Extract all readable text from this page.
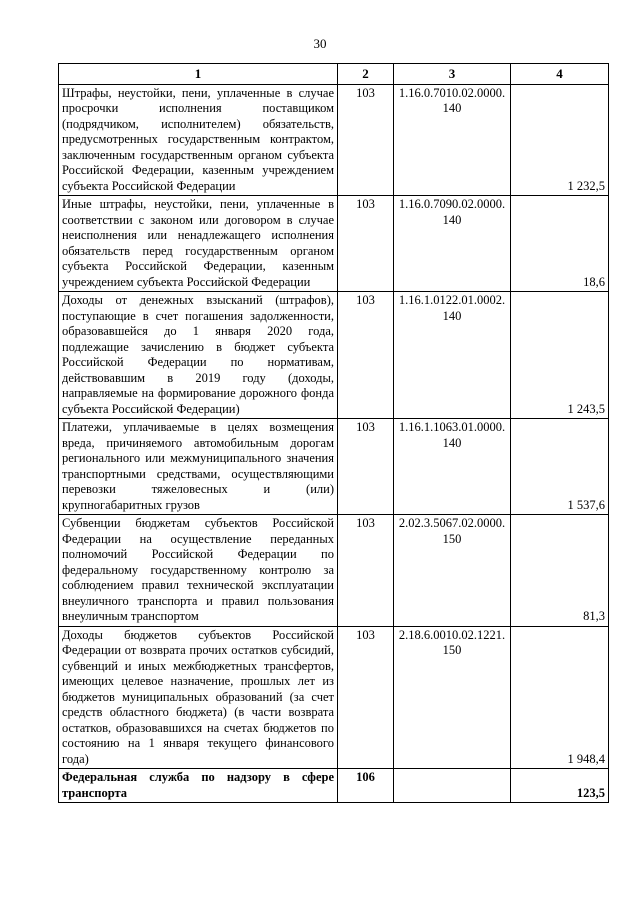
30
1	2	3	4
Штрафы, неустойки, пени, уплаченные в случае просрочки исполнения поставщиком (подрядчиком, исполнителем) обязательств, предусмотренных государственным контрактом, заключенным государственным органом субъекта Российской Федерации, казенным учреждением субъекта Российской Федерации	103	1.16.0.7010.02.0000. 140	1 232,5
Иные штрафы, неустойки, пени, уплаченные в соответствии с законом или договором в случае неисполнения или ненадлежащего исполнения обязательств перед государственным органом субъекта Российской Федерации, казенным учреждением субъекта Российской Федерации	103	1.16.0.7090.02.0000. 140	18,6
Доходы от денежных взысканий (штрафов), поступающие в счет погашения задолженности, образовавшейся до 1 января 2020 года, подлежащие зачислению в бюджет субъекта Российской Федерации по нормативам, действовавшим в 2019 году (доходы, направляемые на формирование дорожного фонда субъекта Российской Федерации)	103	1.16.1.0122.01.0002. 140	1 243,5
Платежи, уплачиваемые в целях возмещения вреда, причиняемого автомобильным дорогам регионального или межмуниципального значения транспортными средствами, осуществляющими перевозки тяжеловесных и (или) крупногабаритных грузов	103	1.16.1.1063.01.0000. 140	1 537,6
Субвенции бюджетам субъектов Российской Федерации на осуществление переданных полномочий Российской Федерации по федеральному государственному контролю за соблюдением правил технической эксплуатации внеуличного транспорта и правил пользования внеуличным транспортом	103	2.02.3.5067.02.0000. 150	81,3
Доходы бюджетов субъектов Российской Федерации от возврата прочих остатков субсидий, субвенций и иных межбюджетных трансфертов, имеющих целевое назначение, прошлых лет из бюджетов муниципальных образований (за счет средств областного бюджета) (в части возврата остатков, образовавшихся на счетах бюджетов по состоянию на 1 января текущего финансового года)	103	2.18.6.0010.02.1221. 150	1 948,4
Федеральная служба по надзору в сфере транспорта	106		123,5
